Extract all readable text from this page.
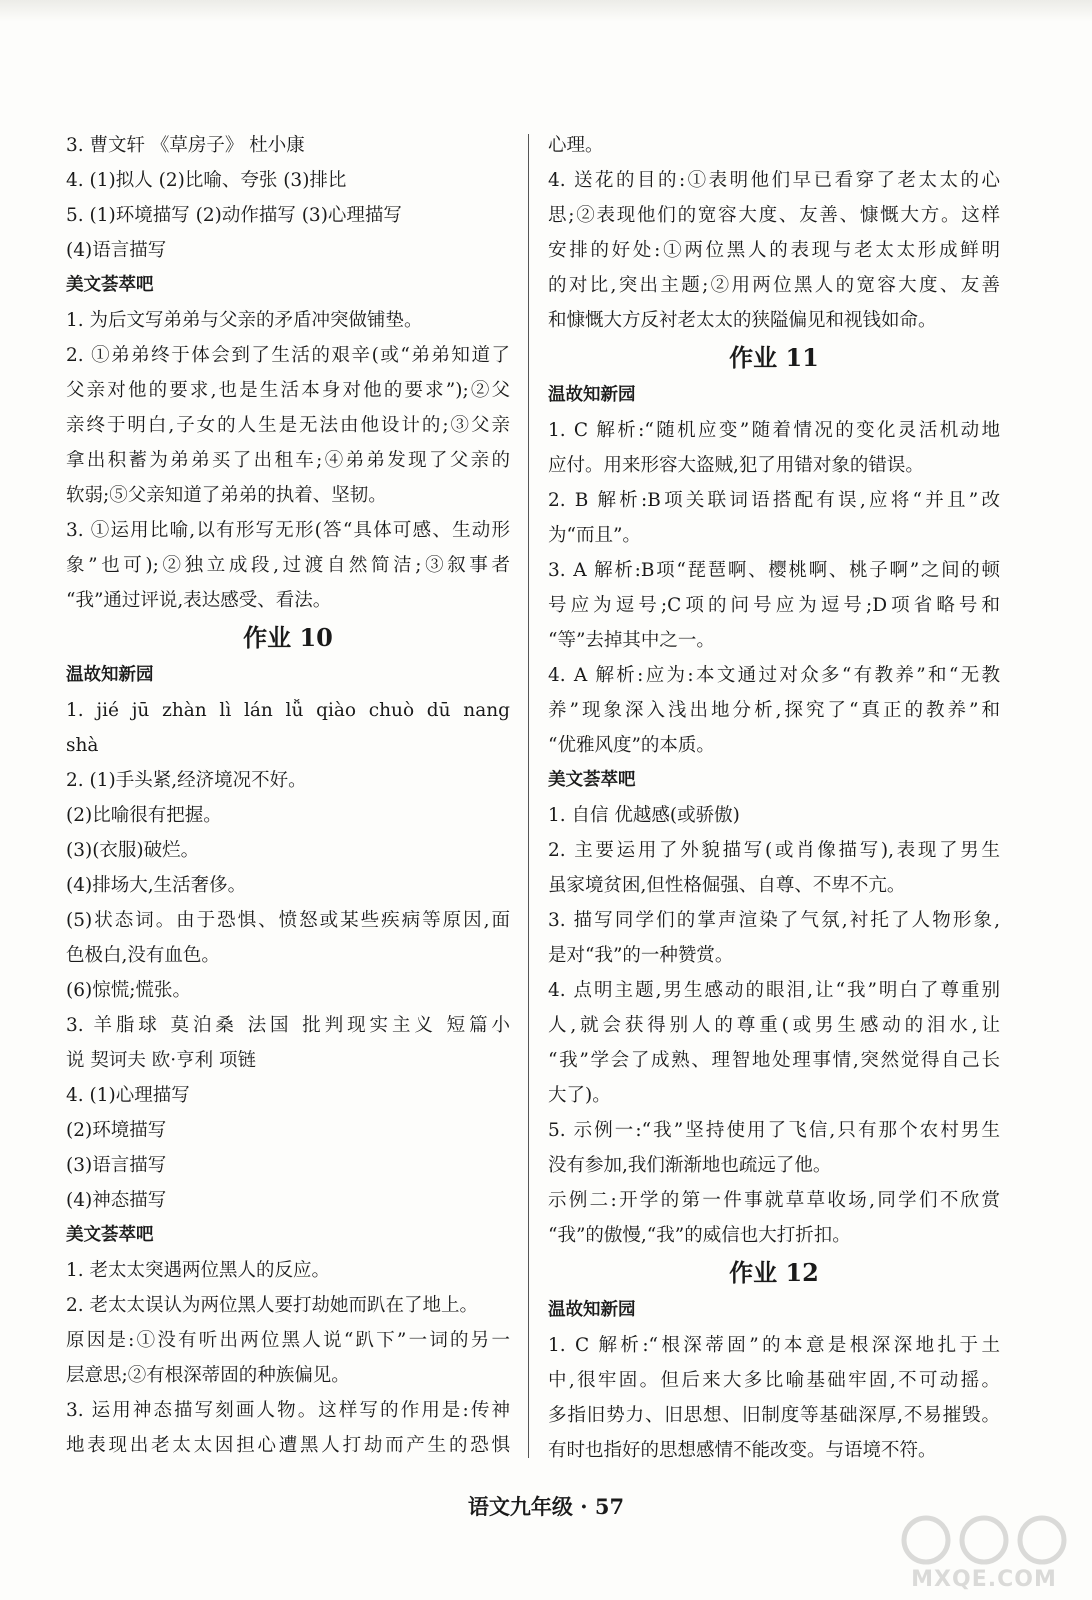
3. 曹文轩 《草房子》 杜小康
4. (1)拟人 (2)比喻、夸张 (3)排比
5. (1)环境描写 (2)动作描写 (3)心理描写
(4)语言描写
美文荟萃吧
1. 为后文写弟弟与父亲的矛盾冲突做铺垫。
2. ①弟弟终于体会到了生活的艰辛(或“弟弟知道了
父亲对他的要求,也是生活本身对他的要求”);②父
亲终于明白,子女的人生是无法由他设计的;③父亲
拿出积蓄为弟弟买了出租车;④弟弟发现了父亲的
软弱;⑤父亲知道了弟弟的执着、坚韧。
3. ①运用比喻,以有形写无形(答“具体可感、生动形
象”也可);②独立成段,过渡自然简洁;③叙事者
“我”通过评说,表达感受、看法。
作业 10
温故知新园
1. jié jū zhàn lì lán lǚ qiào chuò dū nang
shà
2. (1)手头紧,经济境况不好。
(2)比喻很有把握。
(3)(衣服)破烂。
(4)排场大,生活奢侈。
(5)状态词。由于恐惧、愤怒或某些疾病等原因,面
色极白,没有血色。
(6)惊慌;慌张。
3. 羊脂球 莫泊桑 法国 批判现实主义 短篇小
说 契诃夫 欧·亨利 项链
4. (1)心理描写
(2)环境描写
(3)语言描写
(4)神态描写
美文荟萃吧
1. 老太太突遇两位黑人的反应。
2. 老太太误认为两位黑人要打劫她而趴在了地上。
原因是:①没有听出两位黑人说“趴下”一词的另一
层意思;②有根深蒂固的种族偏见。
3. 运用神态描写刻画人物。这样写的作用是:传神
地表现出老太太因担心遭黑人打劫而产生的恐惧
心理。
4. 送花的目的:①表明他们早已看穿了老太太的心
思;②表现他们的宽容大度、友善、慷慨大方。这样
安排的好处:①两位黑人的表现与老太太形成鲜明
的对比,突出主题;②用两位黑人的宽容大度、友善
和慷慨大方反衬老太太的狭隘偏见和视钱如命。
作业 11
温故知新园
1. C 解析:“随机应变”随着情况的变化灵活机动地
应付。用来形容大盗贼,犯了用错对象的错误。
2. B 解析:B项关联词语搭配有误,应将“并且”改
为“而且”。
3. A 解析:B项“琵琶啊、樱桃啊、桃子啊”之间的顿
号应为逗号;C项的问号应为逗号;D项省略号和
“等”去掉其中之一。
4. A 解析:应为:本文通过对众多“有教养”和“无教
养”现象深入浅出地分析,探究了“真正的教养”和
“优雅风度”的本质。
美文荟萃吧
1. 自信 优越感(或骄傲)
2. 主要运用了外貌描写(或肖像描写),表现了男生
虽家境贫困,但性格倔强、自尊、不卑不亢。
3. 描写同学们的掌声渲染了气氛,衬托了人物形象,
是对“我”的一种赞赏。
4. 点明主题,男生感动的眼泪,让“我”明白了尊重别
人,就会获得别人的尊重(或男生感动的泪水,让
“我”学会了成熟、理智地处理事情,突然觉得自己长
大了)。
5. 示例一:“我”坚持使用了飞信,只有那个农村男生
没有参加,我们渐渐地也疏远了他。
示例二:开学的第一件事就草草收场,同学们不欣赏
“我”的傲慢,“我”的威信也大打折扣。
作业 12
温故知新园
1. C 解析:“根深蒂固”的本意是根深深地扎于土
中,很牢固。但后来大多比喻基础牢固,不可动摇。
多指旧势力、旧思想、旧制度等基础深厚,不易摧毁。
有时也指好的思想感情不能改变。与语境不符。
语文九年级 · 57
MXQE.COM
